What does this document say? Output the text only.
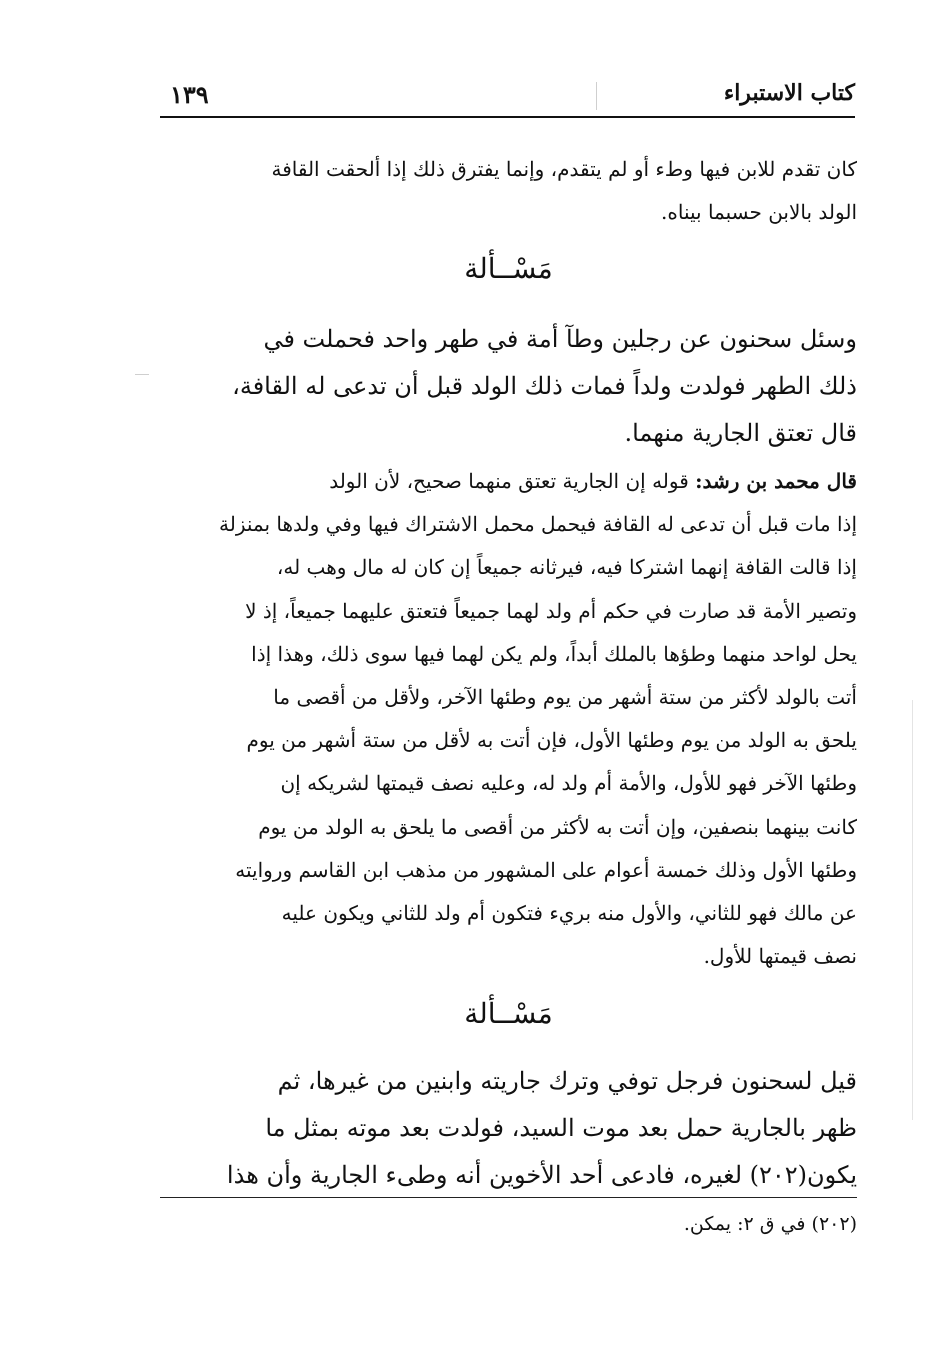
كتاب الاستبراء
١٣٩
كان تقدم للابن فيها وطء أو لم يتقدم، وإنما يفترق ذلك إذا ألحقت القافة
الولد بالابن حسبما بيناه.
مَسْــألة
وسئل سحنون عن رجلين وطآ أمة في طهر واحد فحملت في
ذلك الطهر فولدت ولداً فمات ذلك الولد قبل أن تدعى له القافة،
قال تعتق الجارية منهما.
قال محمد بن رشد: قوله إن الجارية تعتق منهما صحيح، لأن الولد
إذا مات قبل أن تدعى له القافة فيحمل محمل الاشتراك فيها وفي ولدها بمنزلة
إذا قالت القافة إنهما اشتركا فيه، فيرثانه جميعاً إن كان له مال وهب له،
وتصير الأمة قد صارت في حكم أم ولد لهما جميعاً فتعتق عليهما جميعاً، إذ لا
يحل لواحد منهما وطؤها بالملك أبداً، ولم يكن لهما فيها سوى ذلك، وهذا إذا
أتت بالولد لأكثر من ستة أشهر من يوم وطئها الآخر، ولأقل من أقصى ما
يلحق به الولد من يوم وطئها الأول، فإن أتت به لأقل من ستة أشهر من يوم
وطئها الآخر فهو للأول، والأمة أم ولد له، وعليه نصف قيمتها لشريكه إن
كانت بينهما بنصفين، وإن أتت به لأكثر من أقصى ما يلحق به الولد من يوم
وطئها الأول وذلك خمسة أعوام على المشهور من مذهب ابن القاسم وروايته
عن مالك فهو للثاني، والأول منه بريء فتكون أم ولد للثاني ويكون عليه
نصف قيمتها للأول.
مَسْــألة
قيل لسحنون فرجل توفي وترك جاريته وابنين من غيرها، ثم
ظهر بالجارية حمل بعد موت السيد، فولدت بعد موته بمثل ما
يكون(٢٠٢) لغيره، فادعى أحد الأخوين أنه وطىء الجارية وأن هذا
(٢٠٢) في ق ٢: يمكن.
